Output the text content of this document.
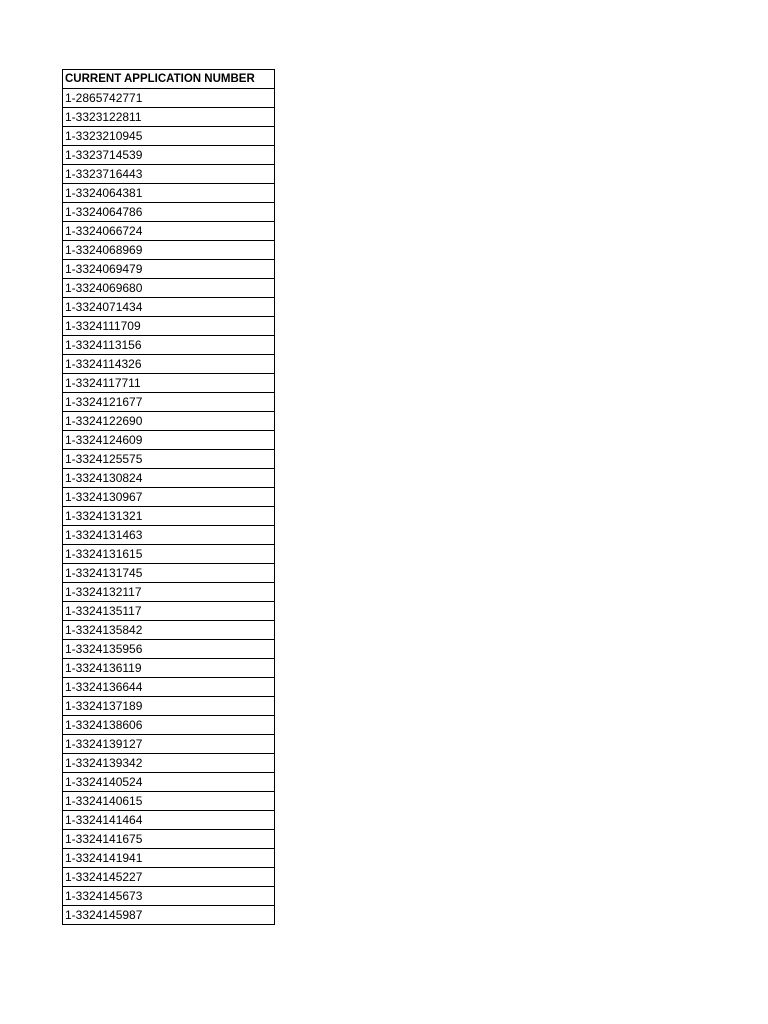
CURRENT APPLICATION NUMBER
1-2865742771
1-3323122811
1-3323210945
1-3323714539
1-3323716443
1-3324064381
1-3324064786
1-3324066724
1-3324068969
1-3324069479
1-3324069680
1-3324071434
1-3324111709
1-3324113156
1-3324114326
1-3324117711
1-3324121677
1-3324122690
1-3324124609
1-3324125575
1-3324130824
1-3324130967
1-3324131321
1-3324131463
1-3324131615
1-3324131745
1-3324132117
1-3324135117
1-3324135842
1-3324135956
1-3324136119
1-3324136644
1-3324137189
1-3324138606
1-3324139127
1-3324139342
1-3324140524
1-3324140615
1-3324141464
1-3324141675
1-3324141941
1-3324145227
1-3324145673
1-3324145987
